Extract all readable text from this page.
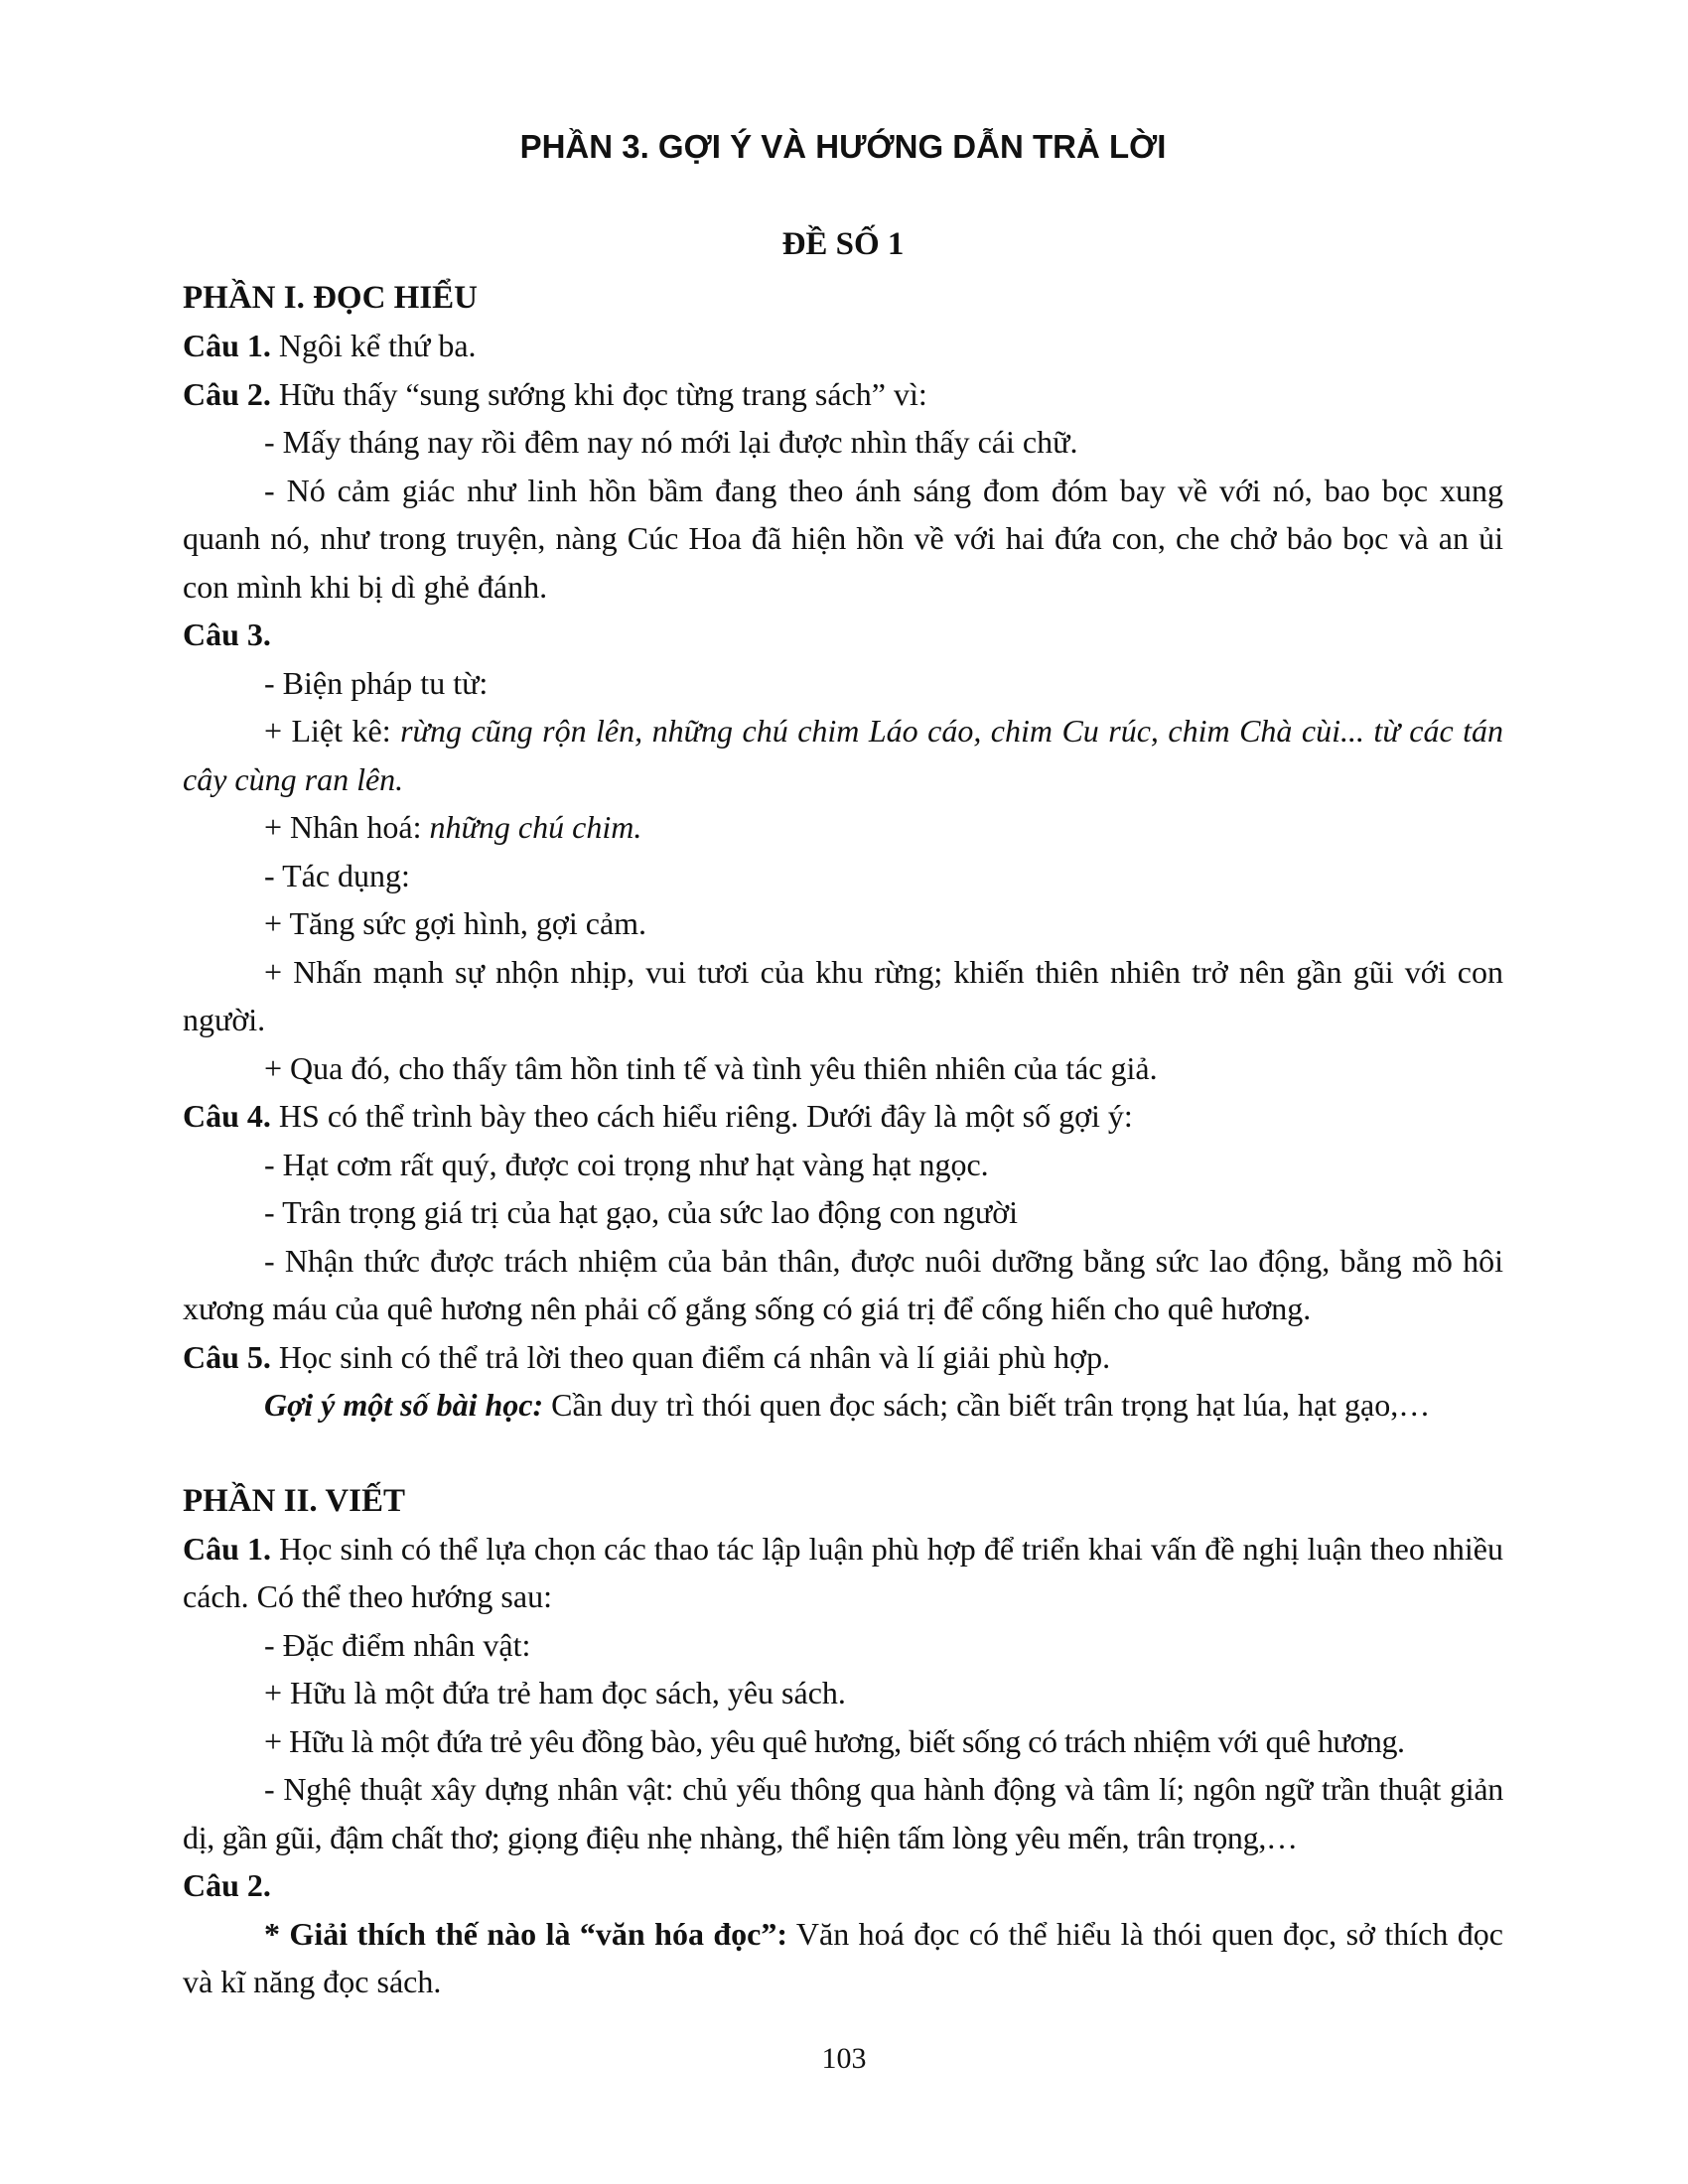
PHẦN 3. GỢI Ý VÀ HƯỚNG DẪN TRẢ LỜI
ĐỀ SỐ 1
PHẦN I. ĐỌC HIỂU

Câu 1. Ngôi kể thứ ba.

Câu 2. Hữu thấy “sung sướng khi đọc từng trang sách” vì:

- Mấy tháng nay rồi đêm nay nó mới lại được nhìn thấy cái chữ.

- Nó cảm giác như linh hồn bầm đang theo ánh sáng đom đóm bay về với nó, bao bọc xung quanh nó, như trong truyện, nàng Cúc Hoa đã hiện hồn về với hai đứa con, che chở bảo bọc và an ủi con mình khi bị dì ghẻ đánh.

Câu 3.

- Biện pháp tu từ:

+ Liệt kê: rừng cũng rộn lên, những chú chim Láo cáo, chim Cu rúc, chim Chà cùi... từ các tán cây cùng ran lên.

+ Nhân hoá: những chú chim.

- Tác dụng:

+ Tăng sức gợi hình, gợi cảm.

+ Nhấn mạnh sự nhộn nhịp, vui tươi của khu rừng; khiến thiên nhiên trở nên gần gũi với con người.

+ Qua đó, cho thấy tâm hồn tinh tế và tình yêu thiên nhiên của tác giả.

Câu 4. HS có thể trình bày theo cách hiểu riêng. Dưới đây là một số gợi ý:

- Hạt cơm rất quý, được coi trọng như hạt vàng hạt ngọc.

- Trân trọng giá trị của hạt gạo, của sức lao động con người

- Nhận thức được trách nhiệm của bản thân, được nuôi dưỡng bằng sức lao động, bằng mồ hôi xương máu của quê hương nên phải cố gắng sống có giá trị để cống hiến cho quê hương.

Câu 5. Học sinh có thể trả lời theo quan điểm cá nhân và lí giải phù hợp.

Gợi ý một số bài học: Cần duy trì thói quen đọc sách; cần biết trân trọng hạt lúa, hạt gạo,…

PHẦN II. VIẾT

Câu 1. Học sinh có thể lựa chọn các thao tác lập luận phù hợp để triển khai vấn đề nghị luận theo nhiều cách. Có thể theo hướng sau:

- Đặc điểm nhân vật:

+ Hữu là một đứa trẻ ham đọc sách, yêu sách.

+ Hữu là một đứa trẻ yêu đồng bào, yêu quê hương, biết sống có trách nhiệm với quê hương.

- Nghệ thuật xây dựng nhân vật: chủ yếu thông qua hành động và tâm lí; ngôn ngữ trần thuật giản dị, gần gũi, đậm chất thơ; giọng điệu nhẹ nhàng, thể hiện tấm lòng yêu mến, trân trọng,…

Câu 2.

* Giải thích thế nào là “văn hóa đọc”: Văn hoá đọc có thể hiểu là thói quen đọc, sở thích đọc và kĩ năng đọc sách.

103
